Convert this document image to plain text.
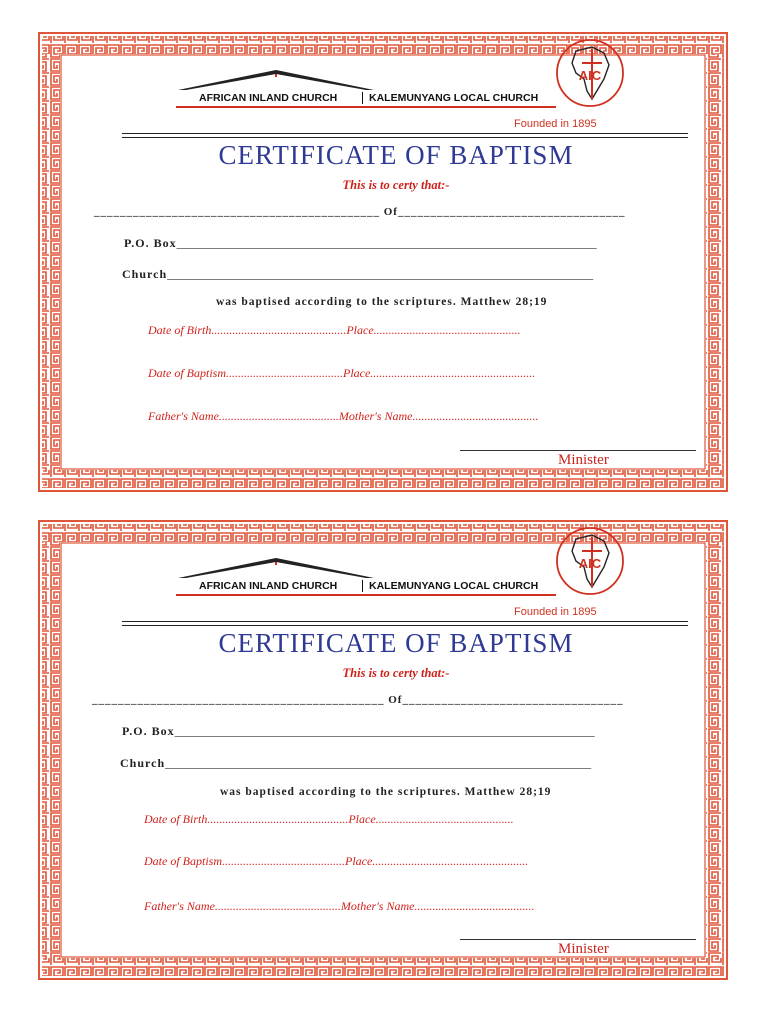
AFRICAN INLAND CHURCH	KALEMUNYANG LOCAL CHURCH
AIC
Founded in 1895
CERTIFICATE OF BAPTISM
This is to certy that:-
____________________________________________ Of___________________________________
P.O. Box______________________________________________________________________
Church_______________________________________________________________________
was baptised according to the scriptures. Matthew 28;19
Date of Birth.............................................Place.................................................
Date of Baptism.......................................Place.......................................................
Father's Name........................................Mother's Name..........................................
Minister
AFRICAN INLAND CHURCH	KALEMUNYANG LOCAL CHURCH
AIC
Founded in 1895
CERTIFICATE OF BAPTISM
This is to certy that:-
_____________________________________________ Of__________________________________
P.O. Box______________________________________________________________________
Church_______________________________________________________________________
was baptised according to the scriptures. Matthew 28;19
Date of Birth...............................................Place..............................................
Date of Baptism.........................................Place....................................................
Father's Name..........................................Mother's Name........................................
Minister
